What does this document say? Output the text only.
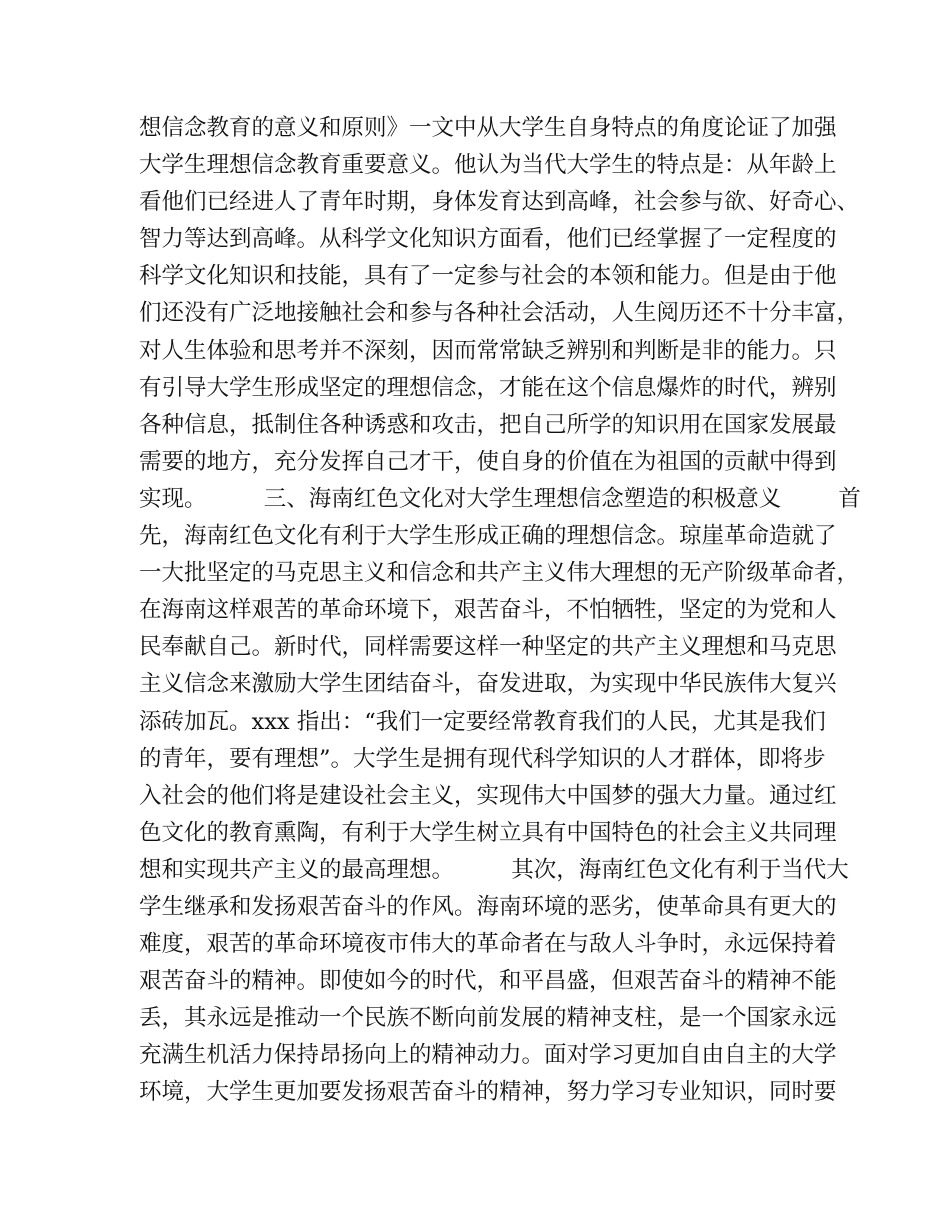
想信念教育的意义和原则》一文中从大学生自身特点的角度论证了加强
大学生理想信念教育重要意义。他认为当代大学生的特点是：从年龄上
看他们已经进人了青年时期，身体发育达到高峰，社会参与欲、好奇心、
智力等达到高峰。从科学文化知识方面看，他们已经掌握了一定程度的
科学文化知识和技能，具有了一定参与社会的本领和能力。但是由于他
们还没有广泛地接触社会和参与各种社会活动，人生阅历还不十分丰富，
对人生体验和思考并不深刻，因而常常缺乏辨别和判断是非的能力。只
有引导大学生形成坚定的理想信念，才能在这个信息爆炸的时代，辨别
各种信息，抵制住各种诱惑和攻击，把自己所学的知识用在国家发展最
需要的地方，充分发挥自己才干，使自身的价值在为祖国的贡献中得到
实现。        三、海南红色文化对大学生理想信念塑造的积极意义        首
先，海南红色文化有利于大学生形成正确的理想信念。琼崖革命造就了
一大批坚定的马克思主义和信念和共产主义伟大理想的无产阶级革命者，
在海南这样艰苦的革命环境下，艰苦奋斗，不怕牺牲，坚定的为党和人
民奉献自己。新时代，同样需要这样一种坚定的共产主义理想和马克思
主义信念来激励大学生团结奋斗，奋发进取，为实现中华民族伟大复兴
添砖加瓦。xxx 指出：“我们一定要经常教育我们的人民，尤其是我们
的青年，要有理想”。大学生是拥有现代科学知识的人才群体，即将步
入社会的他们将是建设社会主义，实现伟大中国梦的强大力量。通过红
色文化的教育熏陶，有利于大学生树立具有中国特色的社会主义共同理
想和实现共产主义的最高理想。        其次，海南红色文化有利于当代大
学生继承和发扬艰苦奋斗的作风。海南环境的恶劣，使革命具有更大的
难度，艰苦的革命环境夜市伟大的革命者在与敌人斗争时，永远保持着
艰苦奋斗的精神。即使如今的时代，和平昌盛，但艰苦奋斗的精神不能
丢，其永远是推动一个民族不断向前发展的精神支柱，是一个国家永远
充满生机活力保持昂扬向上的精神动力。面对学习更加自由自主的大学
环境，大学生更加要发扬艰苦奋斗的精神，努力学习专业知识，同时要
